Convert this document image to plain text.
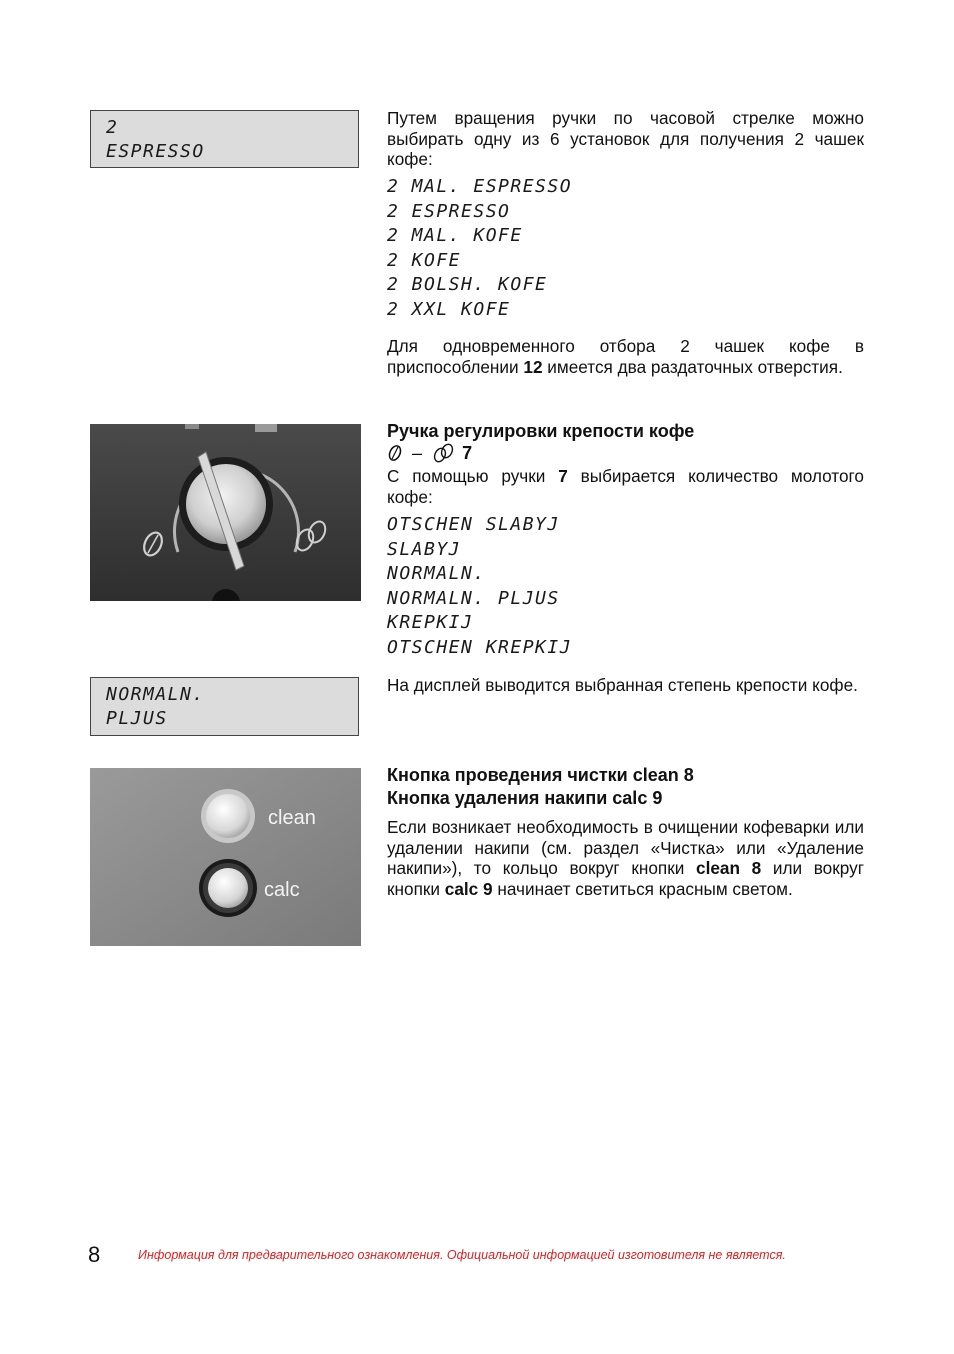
2
ESPRESSO
Путем вращения ручки по часовой стрелке можно выбирать одну из 6 установок для получения 2 чашек кофе:
2 MAL. ESPRESSO
2 ESPRESSO
2 MAL. KOFE
2 KOFE
2 BOLSH. KOFE
2 XXL KOFE
Для одновременного отбора 2 чашек кофе в приспособлении 12 имеется два раздаточных отверстия.
Ручка регулировки крепости кофе
– 7
С помощью ручки 7 выбирается количество молотого кофе:
OTSCHEN SLABYJ
SLABYJ
NORMALN.
NORMALN. PLJUS
KREPKIJ
OTSCHEN KREPKIJ
NORMALN.
PLJUS
На дисплей выводится выбранная степень крепости кофе.
clean
calc
Кнопка проведения чистки clean 8
Кнопка удаления накипи calc 9
Если возникает необходимость в очищении кофеварки или удалении накипи (см. раздел «Чистка» или «Удаление накипи»), то кольцо вокруг кнопки clean 8 или вокруг кнопки calc 9 начинает светиться красным светом.
8	Информация для предварительного ознакомления. Официальной информацией изготовителя не является.
